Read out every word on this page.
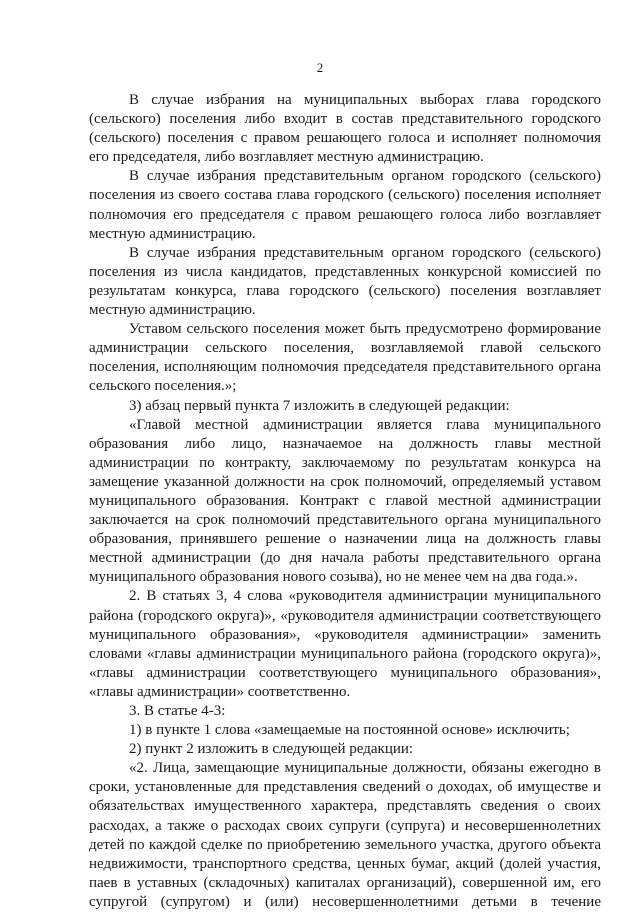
2

В случае избрания на муниципальных выборах глава городского (сельского) поселения либо входит в состав представительного городского (сельского) поселения с правом решающего голоса и исполняет полномочия его председателя, либо возглавляет местную администрацию.

В случае избрания представительным органом городского (сельского) поселения из своего состава глава городского (сельского) поселения исполняет полномочия его председателя с правом решающего голоса либо возглавляет местную администрацию.

В случае избрания представительным органом городского (сельского) поселения из числа кандидатов, представленных конкурсной комиссией по результатам конкурса, глава городского (сельского) поселения возглавляет местную администрацию.

Уставом сельского поселения может быть предусмотрено формирование администрации сельского поселения, возглавляемой главой сельского поселения, исполняющим полномочия председателя представительного органа сельского поселения.»;

3) абзац первый пункта 7 изложить в следующей редакции:

«Главой местной администрации является глава муниципального образования либо лицо, назначаемое на должность главы местной администрации по контракту, заключаемому по результатам конкурса на замещение указанной должности на срок полномочий, определяемый уставом муниципального образования. Контракт с главой местной администрации заключается на срок полномочий представительного органа муниципального образования, принявшего решение о назначении лица на должность главы местной администрации (до дня начала работы представительного органа муниципального образования нового созыва), но не менее чем на два года.».

2. В статьях 3, 4 слова «руководителя администрации муниципального района (городского округа)», «руководителя администрации соответствующего муниципального образования», «руководителя администрации» заменить словами «главы администрации муниципального района (городского округа)», «главы администрации соответствующего муниципального образования», «главы администрации» соответственно.

3. В статье 4-3:

1) в пункте 1 слова «замещаемые на постоянной основе» исключить;

2) пункт 2 изложить в следующей редакции:

«2. Лица, замещающие муниципальные должности, обязаны ежегодно в сроки, установленные для представления сведений о доходах, об имуществе и обязательствах имущественного характера, представлять сведения о своих расходах, а также о расходах своих супруги (супруга) и несовершеннолетних детей по каждой сделке по приобретению земельного участка, другого объекта недвижимости, транспортного средства, ценных бумаг, акций (долей участия, паев в уставных (складочных) капиталах организаций), совершенной им, его супругой (супругом) и (или) несовершеннолетними детьми в течение
